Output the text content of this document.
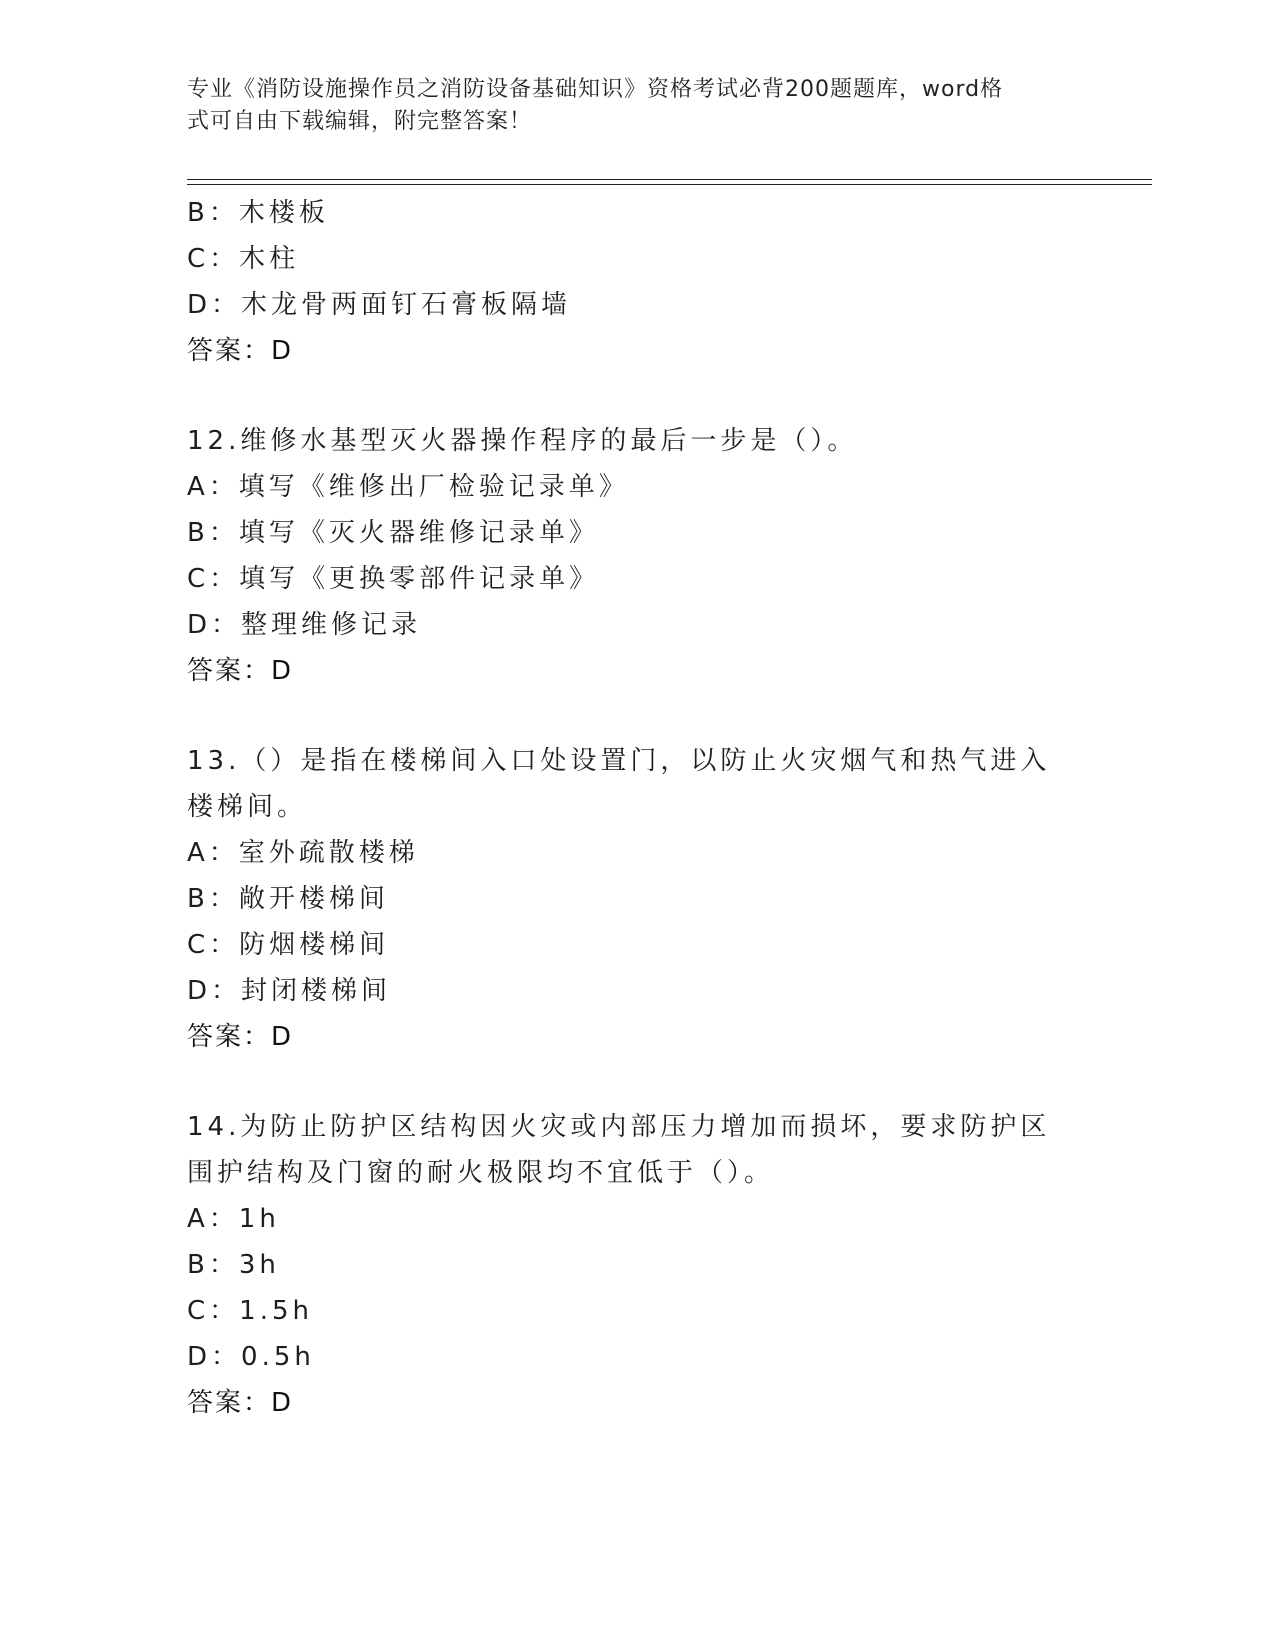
专业《消防设施操作员之消防设备基础知识》资格考试必背200题题库，word格
式可自由下载编辑，附完整答案！
B：木楼板
C：木柱
D：木龙骨两面钉石膏板隔墙
答案：D
12.维修水基型灭火器操作程序的最后一步是（）。
A：填写《维修出厂检验记录单》
B：填写《灭火器维修记录单》
C：填写《更换零部件记录单》
D：整理维修记录
答案：D
13.（）是指在楼梯间入口处设置门，以防止火灾烟气和热气进入楼梯间。
A：室外疏散楼梯
B：敞开楼梯间
C：防烟楼梯间
D：封闭楼梯间
答案：D
14.为防止防护区结构因火灾或内部压力增加而损坏，要求防护区围护结构及门窗的耐火极限均不宜低于（）。
A：1h
B：3h
C：1.5h
D：0.5h
答案：D
